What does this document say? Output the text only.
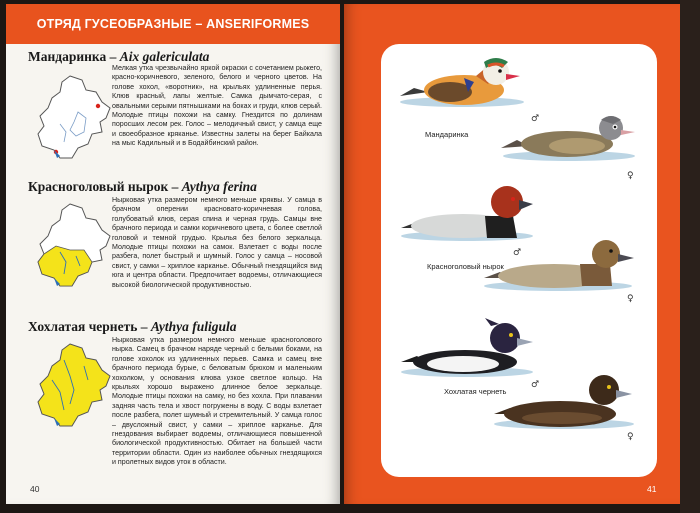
ОТРЯД ГУСЕОБРАЗНЫЕ – ANSERIFORMES
Мандаринка – Aix galericulata
Мелкая утка чрезвычайно яркой окраски с сочетанием рыжего, красно-коричневого, зеленого, белого и черного цветов. На голове хохол, «воротник», на крыльях удлиненные перья. Клюв красный, лапы желтые. Самка дымчато-серая, с овальными серыми пятнышками на боках и груди, клюв серый. Молодые птицы похожи на самку. Гнездится по долинам поросших лесом рек. Голос – мелодичный свист, у самца еще и своеобразное кряканье. Известны залеты на берег Байкала на мыс Кадильный и в Бодайбинский район.
Красноголовый нырок – Aythya ferina
Нырковая утка размером немного меньше кряквы. У самца в брачном оперении красновато-коричневая голова, голубоватый клюв, серая спина и черная грудь. Самцы вне брачного периода и самки коричневого цвета, с более светлой головой и темной грудью. Крылья без белого зеркальца. Молодые птицы похожи на самок. Взлетает с воды после разбега, полет быстрый и шумный. Голос у самца – носовой свист, у самки – хриплое карканье. Обычный гнездящийся вид юга и центра области. Предпочитает водоемы, отличающиеся высокой биологической продуктивностью.
Хохлатая чернеть – Aythya fuligula
Нырковая утка размером немного меньше красноголового нырка. Самец в брачном наряде черный с белыми боками, на голове хохолок из удлиненных перьев. Самка и самец вне брачного периода бурые, с беловатым брюхом и маленьким хохолком, у основания клюва узкое светлое кольцо. На крыльях хорошо выражено длинное белое зеркальце. Молодые птицы похожи на самку, но без хохла. При плавании задняя часть тела и хвост погружены в воду. С воды взлетает после разбега, полет шумный и стремительный. У самца голос – двусложный свист, у самки – хриплое карканье. Для гнездования выбирает водоемы, отличающиеся повышенной биологической продуктивностью. Обитает на большей части территории области. Один из наиболее обычных гнездящихся и пролетных видов уток в области.
40
Мандаринка
♂
♀
Красноголовый нырок
♂
♀
Хохлатая чернеть
♂
♀
41
